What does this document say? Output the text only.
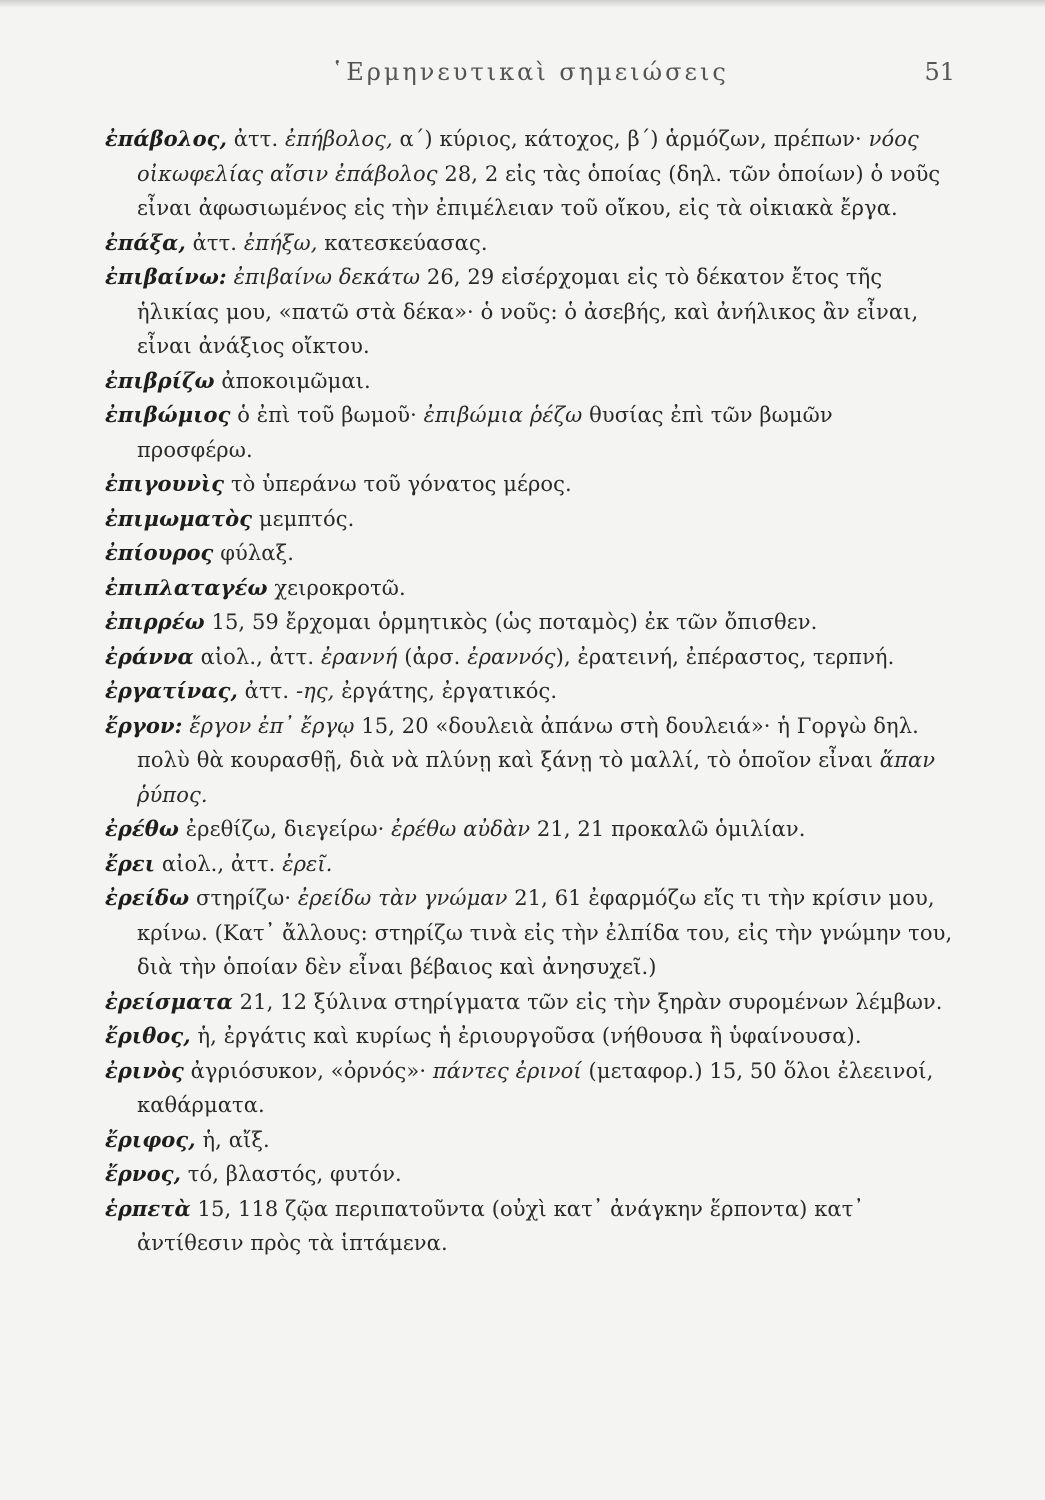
῾Ερμηνευτικαὶ σημειώσεις	51

ἐπάβολος, ἀττ. ἐπήβολος, α΄) κύριος, κάτοχος, β΄) ἁρμόζων, πρέπων· νόος οἰκωφελίας αἴσιν ἐπάβολος 28, 2 εἰς τὰς ὁποίας (δηλ. τῶν ὁποίων) ὁ νοῦς εἶναι ἀφωσιωμένος εἰς τὴν ἐπιμέλειαν τοῦ οἴκου, εἰς τὰ οἰκιακὰ ἔργα.

ἐπάξα, ἀττ. ἐπήξω, κατεσκεύασας.

ἐπιβαίνω: ἐπιβαίνω δεκάτω 26, 29 εἰσέρχομαι εἰς τὸ δέκατον ἔτος τῆς ἡλικίας μου, «πατῶ στὰ δέκα»· ὁ νοῦς: ὁ ἀσεβής, καὶ ἀνήλικος ἂν εἶναι, εἶναι ἀνάξιος οἴκτου.

ἐπιβρίζω ἀποκοιμῶμαι.

ἐπιβώμιος ὁ ἐπὶ τοῦ βωμοῦ· ἐπιβώμια ῥέζω θυσίας ἐπὶ τῶν βωμῶν προσφέρω.

ἐπιγουνὶς τὸ ὑπεράνω τοῦ γόνατος μέρος.

ἐπιμωματὸς μεμπτός.

ἐπίουρος φύλαξ.

ἐπιπλαταγέω χειροκροτῶ.

ἐπιρρέω 15, 59 ἔρχομαι ὁρμητικὸς (ὡς ποταμὸς) ἐκ τῶν ὄπισθεν.

ἐράννα αἰολ., ἀττ. ἐραννή (ἀρσ. ἐραννός), ἐρατεινή, ἐπέραστος, τερπνή.

ἐργατίνας, ἀττ. -ης, ἐργάτης, ἐργατικός.

ἔργον: ἔργον ἐπ᾽ ἔργῳ 15, 20 «δουλειὰ ἀπάνω στὴ δουλειά»· ἡ Γοργὼ δηλ. πολὺ θὰ κουρασθῇ, διὰ νὰ πλύνῃ καὶ ξάνῃ τὸ μαλλί, τὸ ὁποῖον εἶναι ἅπαν ῥύπος.

ἐρέθω ἐρεθίζω, διεγείρω· ἐρέθω αὐδὰν 21, 21 προκαλῶ ὁμιλίαν.

ἔρει αἰολ., ἀττ. ἐρεῖ.

ἐρείδω στηρίζω· ἐρείδω τὰν γνώμαν 21, 61 ἐφαρμόζω εἴς τι τὴν κρίσιν μου, κρίνω. (Κατ᾽ ἄλλους: στηρίζω τινὰ εἰς τὴν ἐλπίδα του, εἰς τὴν γνώμην του, διὰ τὴν ὁποίαν δὲν εἶναι βέβαιος καὶ ἀνησυχεῖ.)

ἐρείσματα 21, 12 ξύλινα στηρίγματα τῶν εἰς τὴν ξηρὰν συρομένων λέμβων.

ἔριθος, ἡ, ἐργάτις καὶ κυρίως ἡ ἐριουργοῦσα (νήθουσα ἢ ὑφαίνουσα).

ἐρινὸς ἀγριόσυκον, «ὀρνός»· πάντες ἐρινοί (μεταφορ.) 15, 50 ὅλοι ἐλεεινοί, καθάρματα.

ἔριφος, ἡ, αἴξ.

ἔρνος, τό, βλαστός, φυτόν.

ἑρπετὰ 15, 118 ζῷα περιπατοῦντα (οὐχὶ κατ᾽ ἀνάγκην ἕρποντα) κατ᾽ ἀντίθεσιν πρὸς τὰ ἱπτάμενα.
